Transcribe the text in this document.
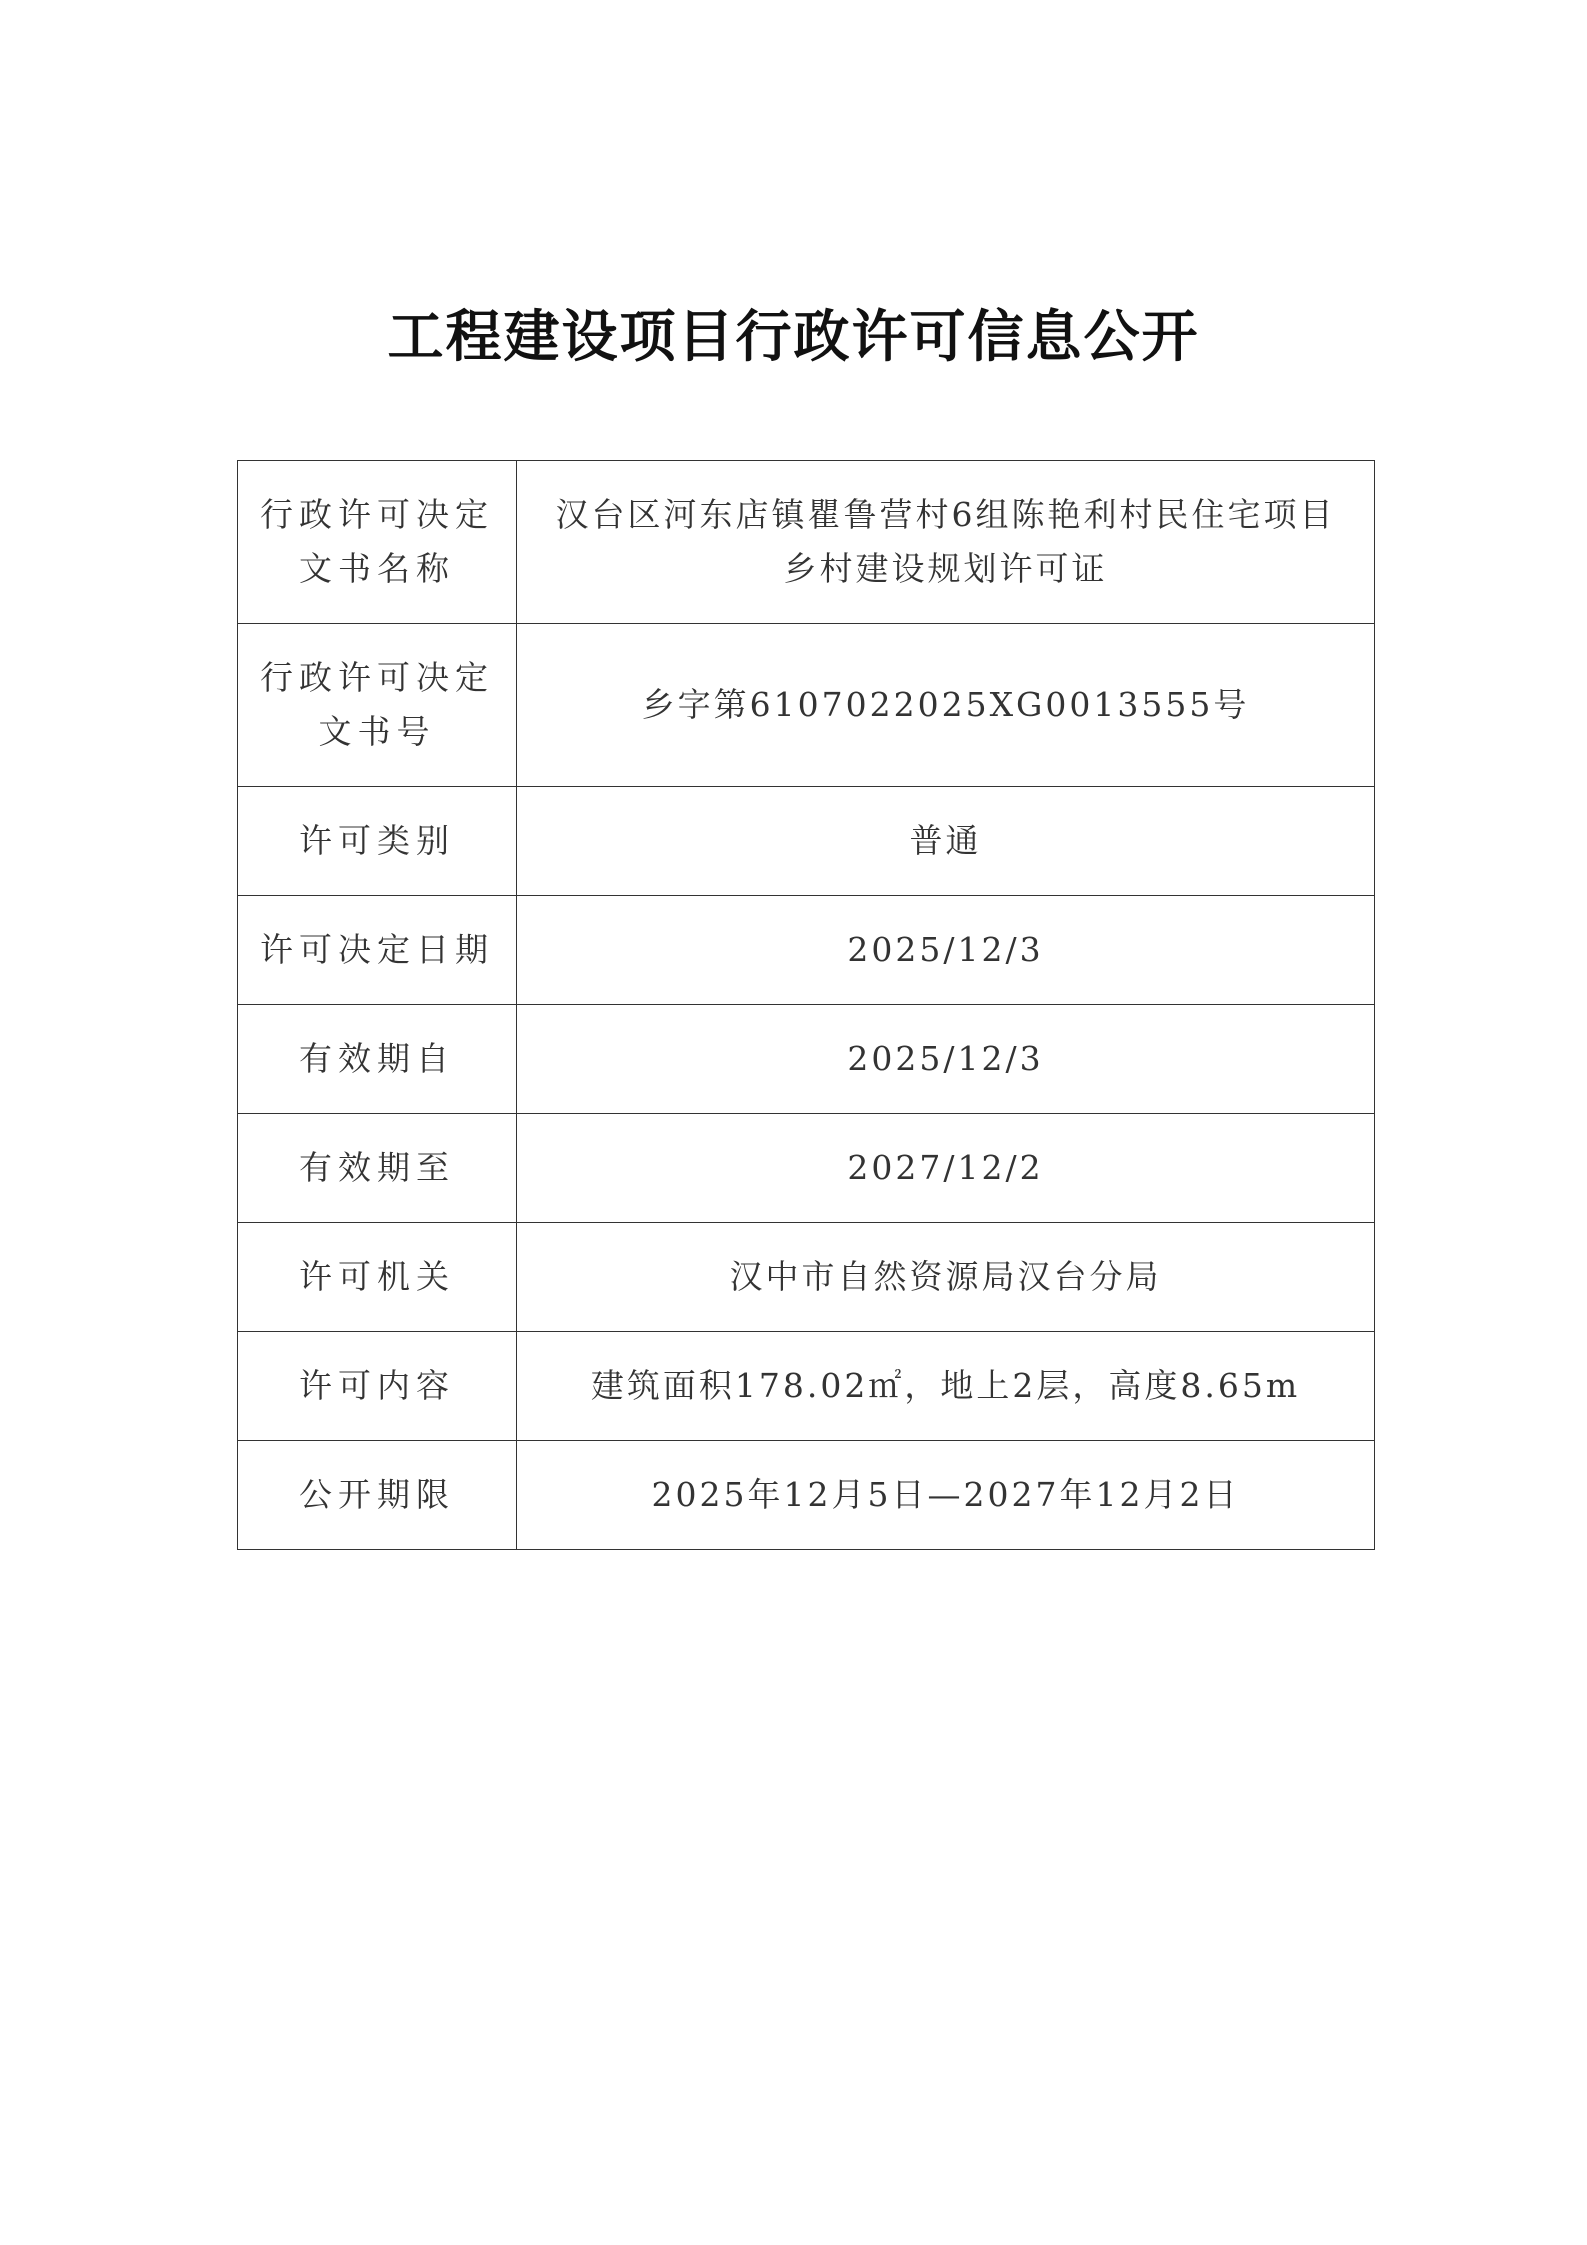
工程建设项目行政许可信息公开
行政许可决定
文书名称	汉台区河东店镇瞿鲁营村6组陈艳利村民住宅项目
乡村建设规划许可证

行政许可决定
文书号	乡字第6107022025XG0013555号

许可类别	普通

许可决定日期	2025/12/3

有效期自	2025/12/3

有效期至	2027/12/2

许可机关	汉中市自然资源局汉台分局

许可内容	建筑面积178.02㎡，地上2层，高度8.65m

公开期限	2025年12月5日—2027年12月2日
